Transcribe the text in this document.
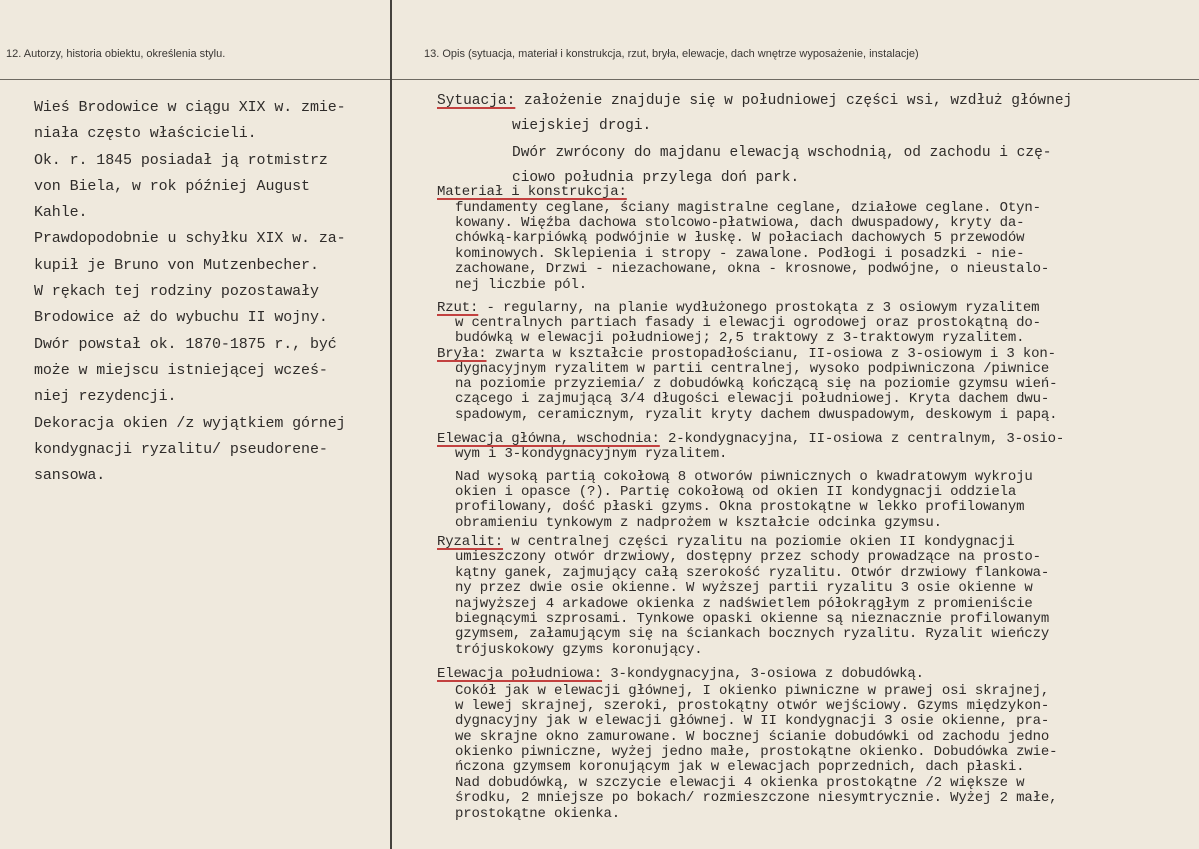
12. Autorzy, historia obiektu, określenia stylu.	13. Opis (sytuacja, materiał i konstrukcja, rzut, bryła, elewacje, dach wnętrze wyposażenie, instalacje)
Wieś Brodowice w ciągu XIX w. zmie-
niała często właścicieli.
Ok. r. 1845 posiadał ją rotmistrz
von Biela, w rok później August
Kahle.
Prawdopodobnie u schyłku XIX w. za-
kupił je Bruno von Mutzenbecher.
W rękach tej rodziny pozostawały
Brodowice aż do wybuchu II wojny.
Dwór powstał ok. 1870-1875 r., być
może w miejscu istniejącej wcześ-
niej rezydencji.
Dekoracja okien /z wyjątkiem górnej
kondygnacji ryzalitu/ pseudorene-
sansowa.
Sytuacja: założenie znajduje się w południowej części wsi, wzdłuż głównej
wiejskiej drogi.
Dwór zwrócony do majdanu elewacją wschodnią, od zachodu i czę-
ciowo południa przylega doń park.
Materiał i konstrukcja:
fundamenty ceglane, ściany magistralne ceglane, działowe ceglane. Otyn-
kowany. Więźba dachowa stolcowo-płatwiowa, dach dwuspadowy, kryty da-
chówką-karpiówką podwójnie w łuskę. W połaciach dachowych 5 przewodów
kominowych. Sklepienia i stropy - zawalone. Podłogi i posadzki - nie-
zachowane, Drzwi - niezachowane, okna - krosnowe, podwójne, o nieustalo-
nej liczbie pól.
Rzut: - regularny, na planie wydłużonego prostokąta z 3 osiowym ryzalitem
w centralnych partiach fasady i elewacji ogrodowej oraz prostokątną do-
budówką w elewacji południowej; 2,5 traktowy z 3-traktowym ryzalitem.
Bryła: zwarta w kształcie prostopadłościanu, II-osiowa z 3-osiowym i 3 kon-
dygnacyjnym ryzalitem w partii centralnej, wysoko podpiwniczona /piwnice
na poziomie przyziemia/ z dobudówką kończącą się na poziomie gzymsu wień-
czącego i zajmującą 3/4 długości elewacji południowej. Kryta dachem dwu-
spadowym, ceramicznym, ryzalit kryty dachem dwuspadowym, deskowym i papą.
Elewacja główna, wschodnia: 2-kondygnacyjna, II-osiowa z centralnym, 3-osio-
wym i 3-kondygnacyjnym ryzalitem.
Nad wysoką partią cokołową 8 otworów piwnicznych o kwadratowym wykroju
okien i opasce (?). Partię cokołową od okien II kondygnacji oddziela
profilowany, dość płaski gzyms. Okna prostokątne w lekko profilowanym
obramieniu tynkowym z nadprożem w kształcie odcinka gzymsu.
Ryzalit: w centralnej części ryzalitu na poziomie okien II kondygnacji
umieszczony otwór drzwiowy, dostępny przez schody prowadzące na prosto-
kątny ganek, zajmujący całą szerokość ryzalitu. Otwór drzwiowy flankowa-
ny przez dwie osie okienne. W wyższej partii ryzalitu 3 osie okienne w
najwyższej 4 arkadowe okienka z nadświetlem półokrągłym z promieniście
biegnącymi szprosami. Tynkowe opaski okienne są nieznacznie profilowanym
gzymsem, załamującym się na ściankach bocznych ryzalitu. Ryzalit wieńczy
trójuskokowy gzyms koronujący.
Elewacja południowa: 3-kondygnacyjna, 3-osiowa z dobudówką.
Cokół jak w elewacji głównej, I okienko piwniczne w prawej osi skrajnej,
w lewej skrajnej, szeroki, prostokątny otwór wejściowy. Gzyms międzykon-
dygnacyjny jak w elewacji głównej. W II kondygnacji 3 osie okienne, pra-
we skrajne okno zamurowane. W bocznej ścianie dobudówki od zachodu jedno
okienko piwniczne, wyżej jedno małe, prostokątne okienko. Dobudówka zwie-
ńczona gzymsem koronującym jak w elewacjach poprzednich, dach płaski.
Nad dobudówką, w szczycie elewacji 4 okienka prostokątne /2 większe w
środku, 2 mniejsze po bokach/ rozmieszczone niesymtrycznie. Wyżej 2 małe,
prostokątne okienka.
